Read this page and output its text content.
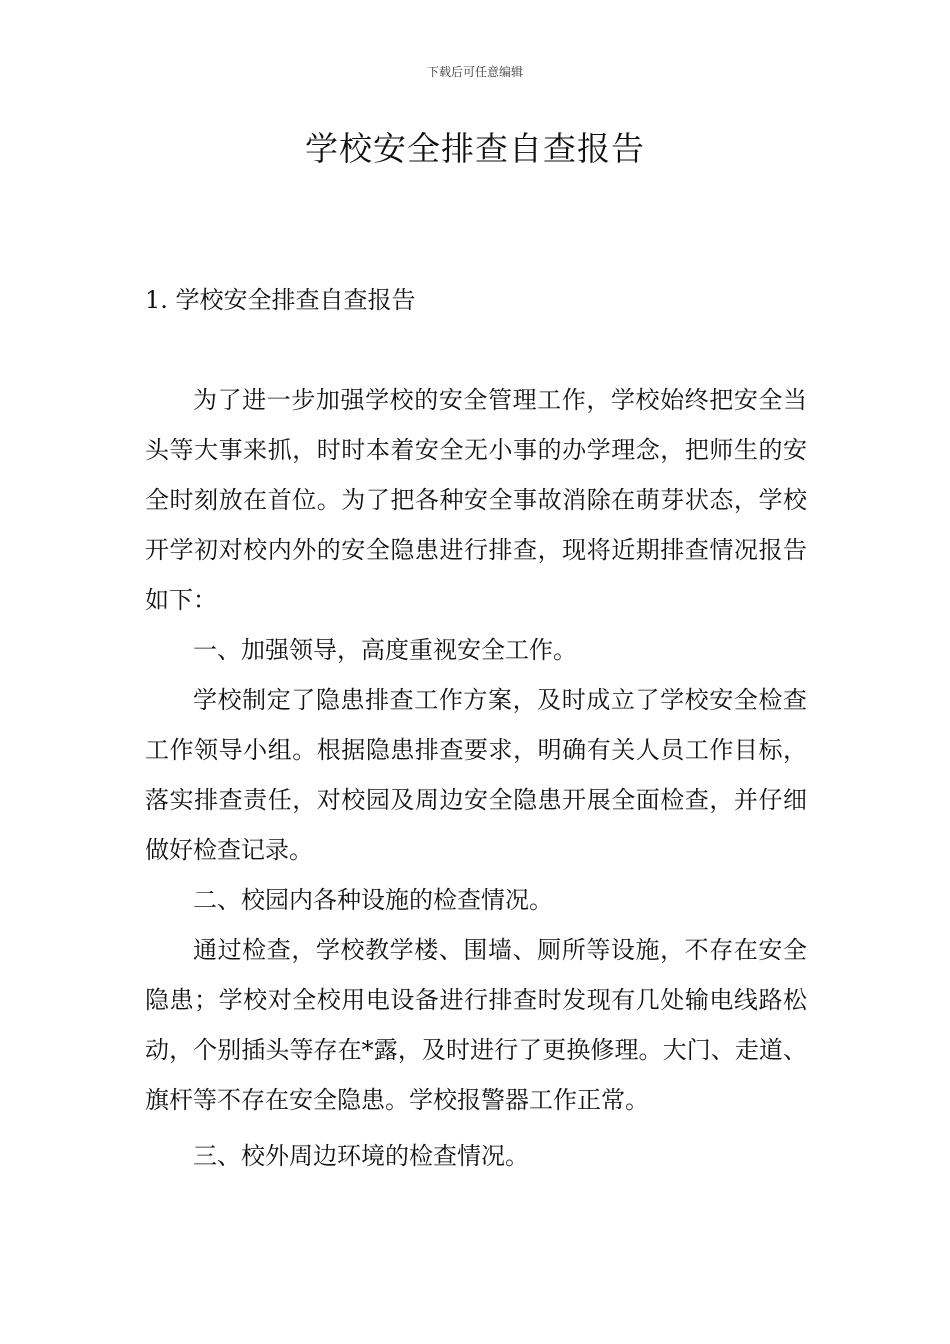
下载后可任意编辑
学校安全排查自查报告
1. 学校安全排查自查报告

为了进一步加强学校的安全管理工作，学校始终把安全当头等大事来抓，时时本着安全无小事的办学理念，把师生的安全时刻放在首位。为了把各种安全事故消除在萌芽状态，学校开学初对校内外的安全隐患进行排查，现将近期排查情况报告如下：

一、加强领导，高度重视安全工作。

学校制定了隐患排查工作方案，及时成立了学校安全检查工作领导小组。根据隐患排查要求，明确有关人员工作目标，落实排查责任，对校园及周边安全隐患开展全面检查，并仔细做好检查记录。

二、校园内各种设施的检查情况。

通过检查，学校教学楼、围墙、厕所等设施，不存在安全隐患；学校对全校用电设备进行排查时发现有几处输电线路松动，个别插头等存在*露，及时进行了更换修理。大门、走道、旗杆等不存在安全隐患。学校报警器工作正常。

三、校外周边环境的检查情况。
